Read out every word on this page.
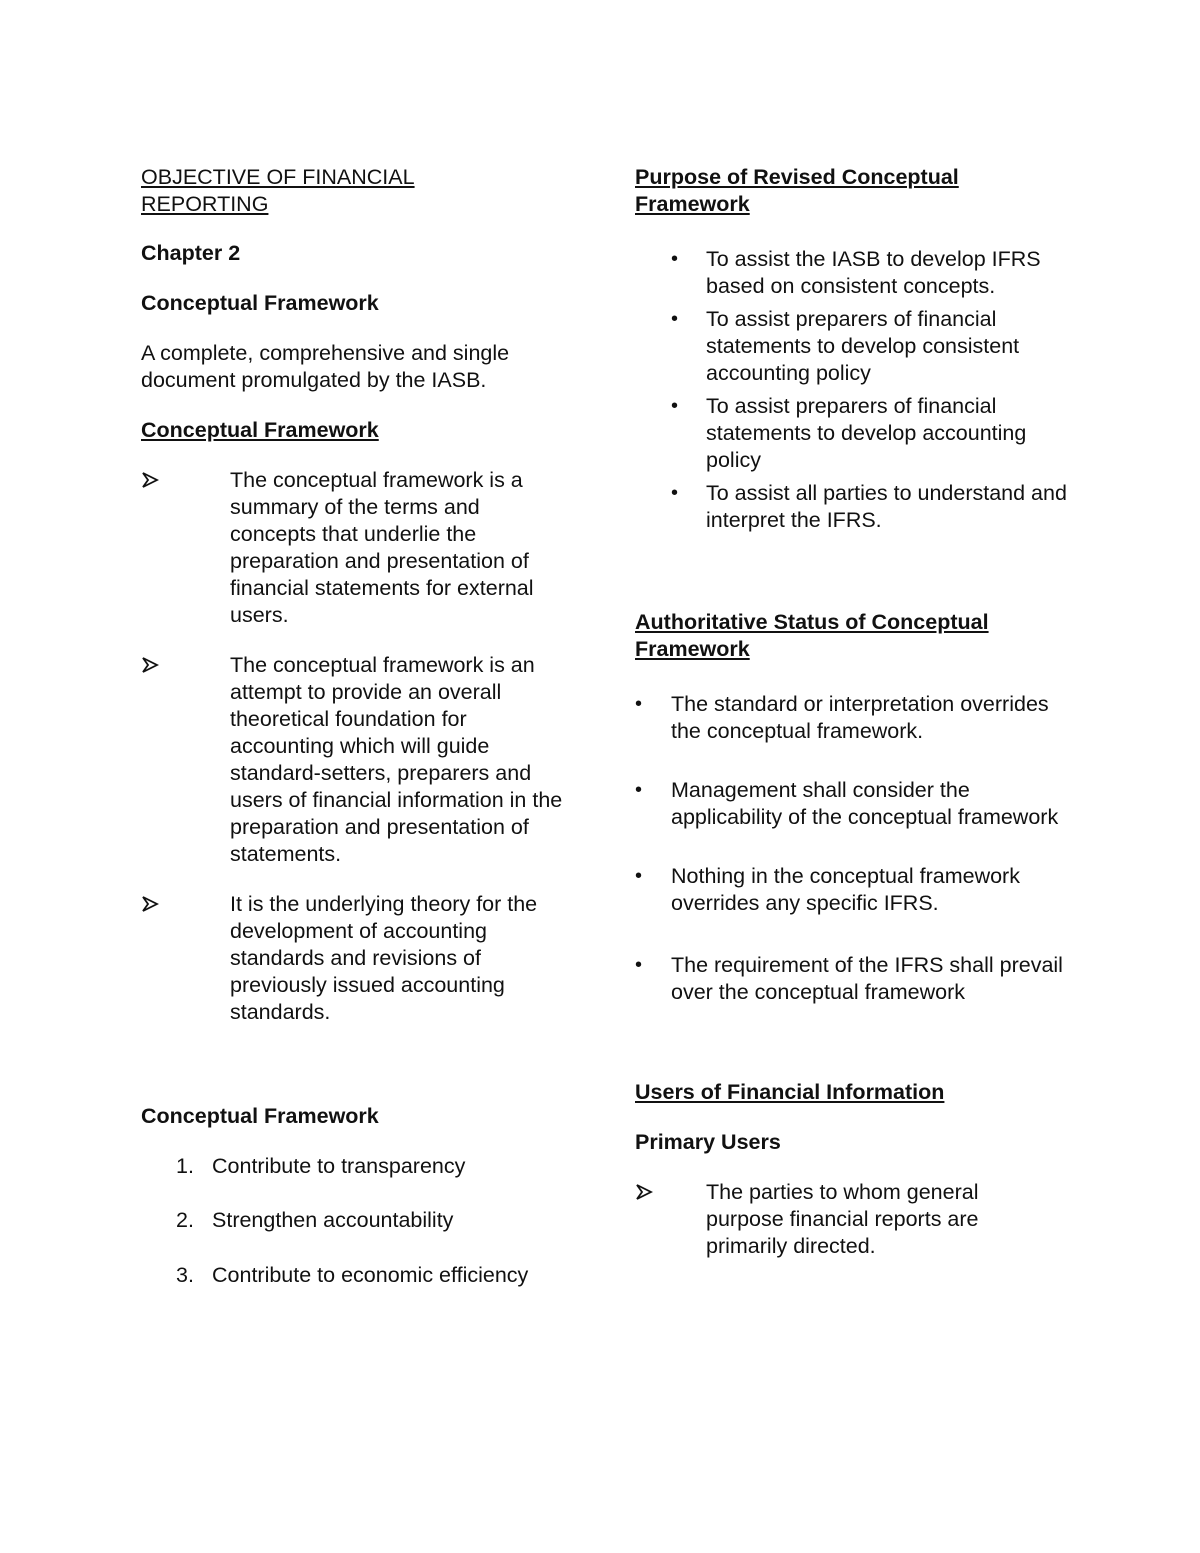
OBJECTIVE OF FINANCIAL REPORTING
Chapter 2
Conceptual Framework
A complete, comprehensive and single document promulgated by the IASB.
Conceptual Framework
The conceptual framework is a summary of the terms and concepts that underlie the preparation and presentation of financial statements for external users.
The conceptual framework is an attempt to provide an overall theoretical foundation for accounting which will guide standard-setters, preparers and users of financial information in the preparation and presentation of statements.
It is the underlying theory for the development of accounting standards and revisions of previously issued accounting standards.
Conceptual Framework
1. Contribute to transparency
2. Strengthen accountability
3. Contribute to economic efficiency
Purpose of Revised Conceptual Framework
• To assist the IASB to develop IFRS based on consistent concepts.
• To assist preparers of financial statements to develop consistent accounting policy
• To assist preparers of financial statements to develop accounting policy
• To assist all parties to understand and interpret the IFRS.
Authoritative Status of Conceptual Framework
• The standard or interpretation overrides the conceptual framework.
• Management shall consider the applicability of the conceptual framework
• Nothing in the conceptual framework overrides any specific IFRS.
• The requirement of the IFRS shall prevail over the conceptual framework
Users of Financial Information
Primary Users
The parties to whom general purpose financial reports are primarily directed.
